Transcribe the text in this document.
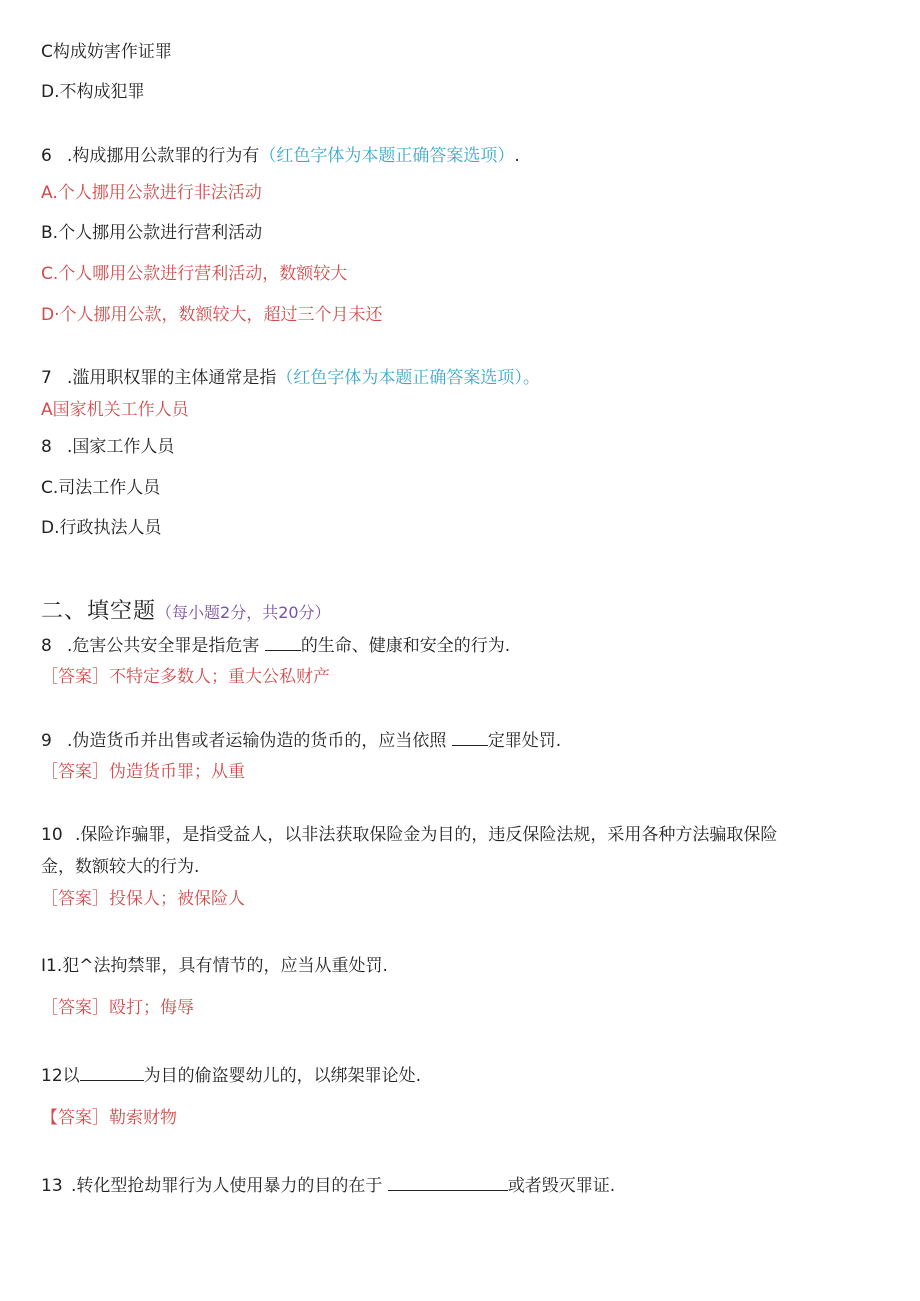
C构成妨害作证罪
D.不构成犯罪
6 .构成挪用公款罪的行为有（红色字体为本题正确答案选项）.
A.个人挪用公款进行非法活动
B.个人挪用公款进行营利活动
C.个人哪用公款进行营利活动，数额较大
D·个人挪用公款，数额较大，超过三个月未还
7 .滥用职权罪的主体通常是指（红色字体为本题正确答案选项）。
A国家机关工作人员
8 .国家工作人员
C.司法工作人员
D.行政执法人员
二、填空题（每小题2分，共20分）
8 .危害公共安全罪是指危害 的生命、健康和安全的行为.
［答案］不特定多数人；重大公私财产
9 .伪造货币并出售或者运输伪造的货币的，应当依照 定罪处罚.
［答案］伪造货币罪；从重
10 .保险诈骗罪，是指受益人，以非法获取保险金为目的，违反保险法规，采用各种方法骗取保险
金，数额较大的行为.
［答案］投保人；被保险人
I1.犯^法拘禁罪，具有情节的，应当从重处罚.
［答案］殴打；侮辱
12以	为目的偷盗婴幼儿的，以绑架罪论处.
【答案］勒索财物
13 .转化型抢劫罪行为人使用暴力的目的在于	或者毁灭罪证.
